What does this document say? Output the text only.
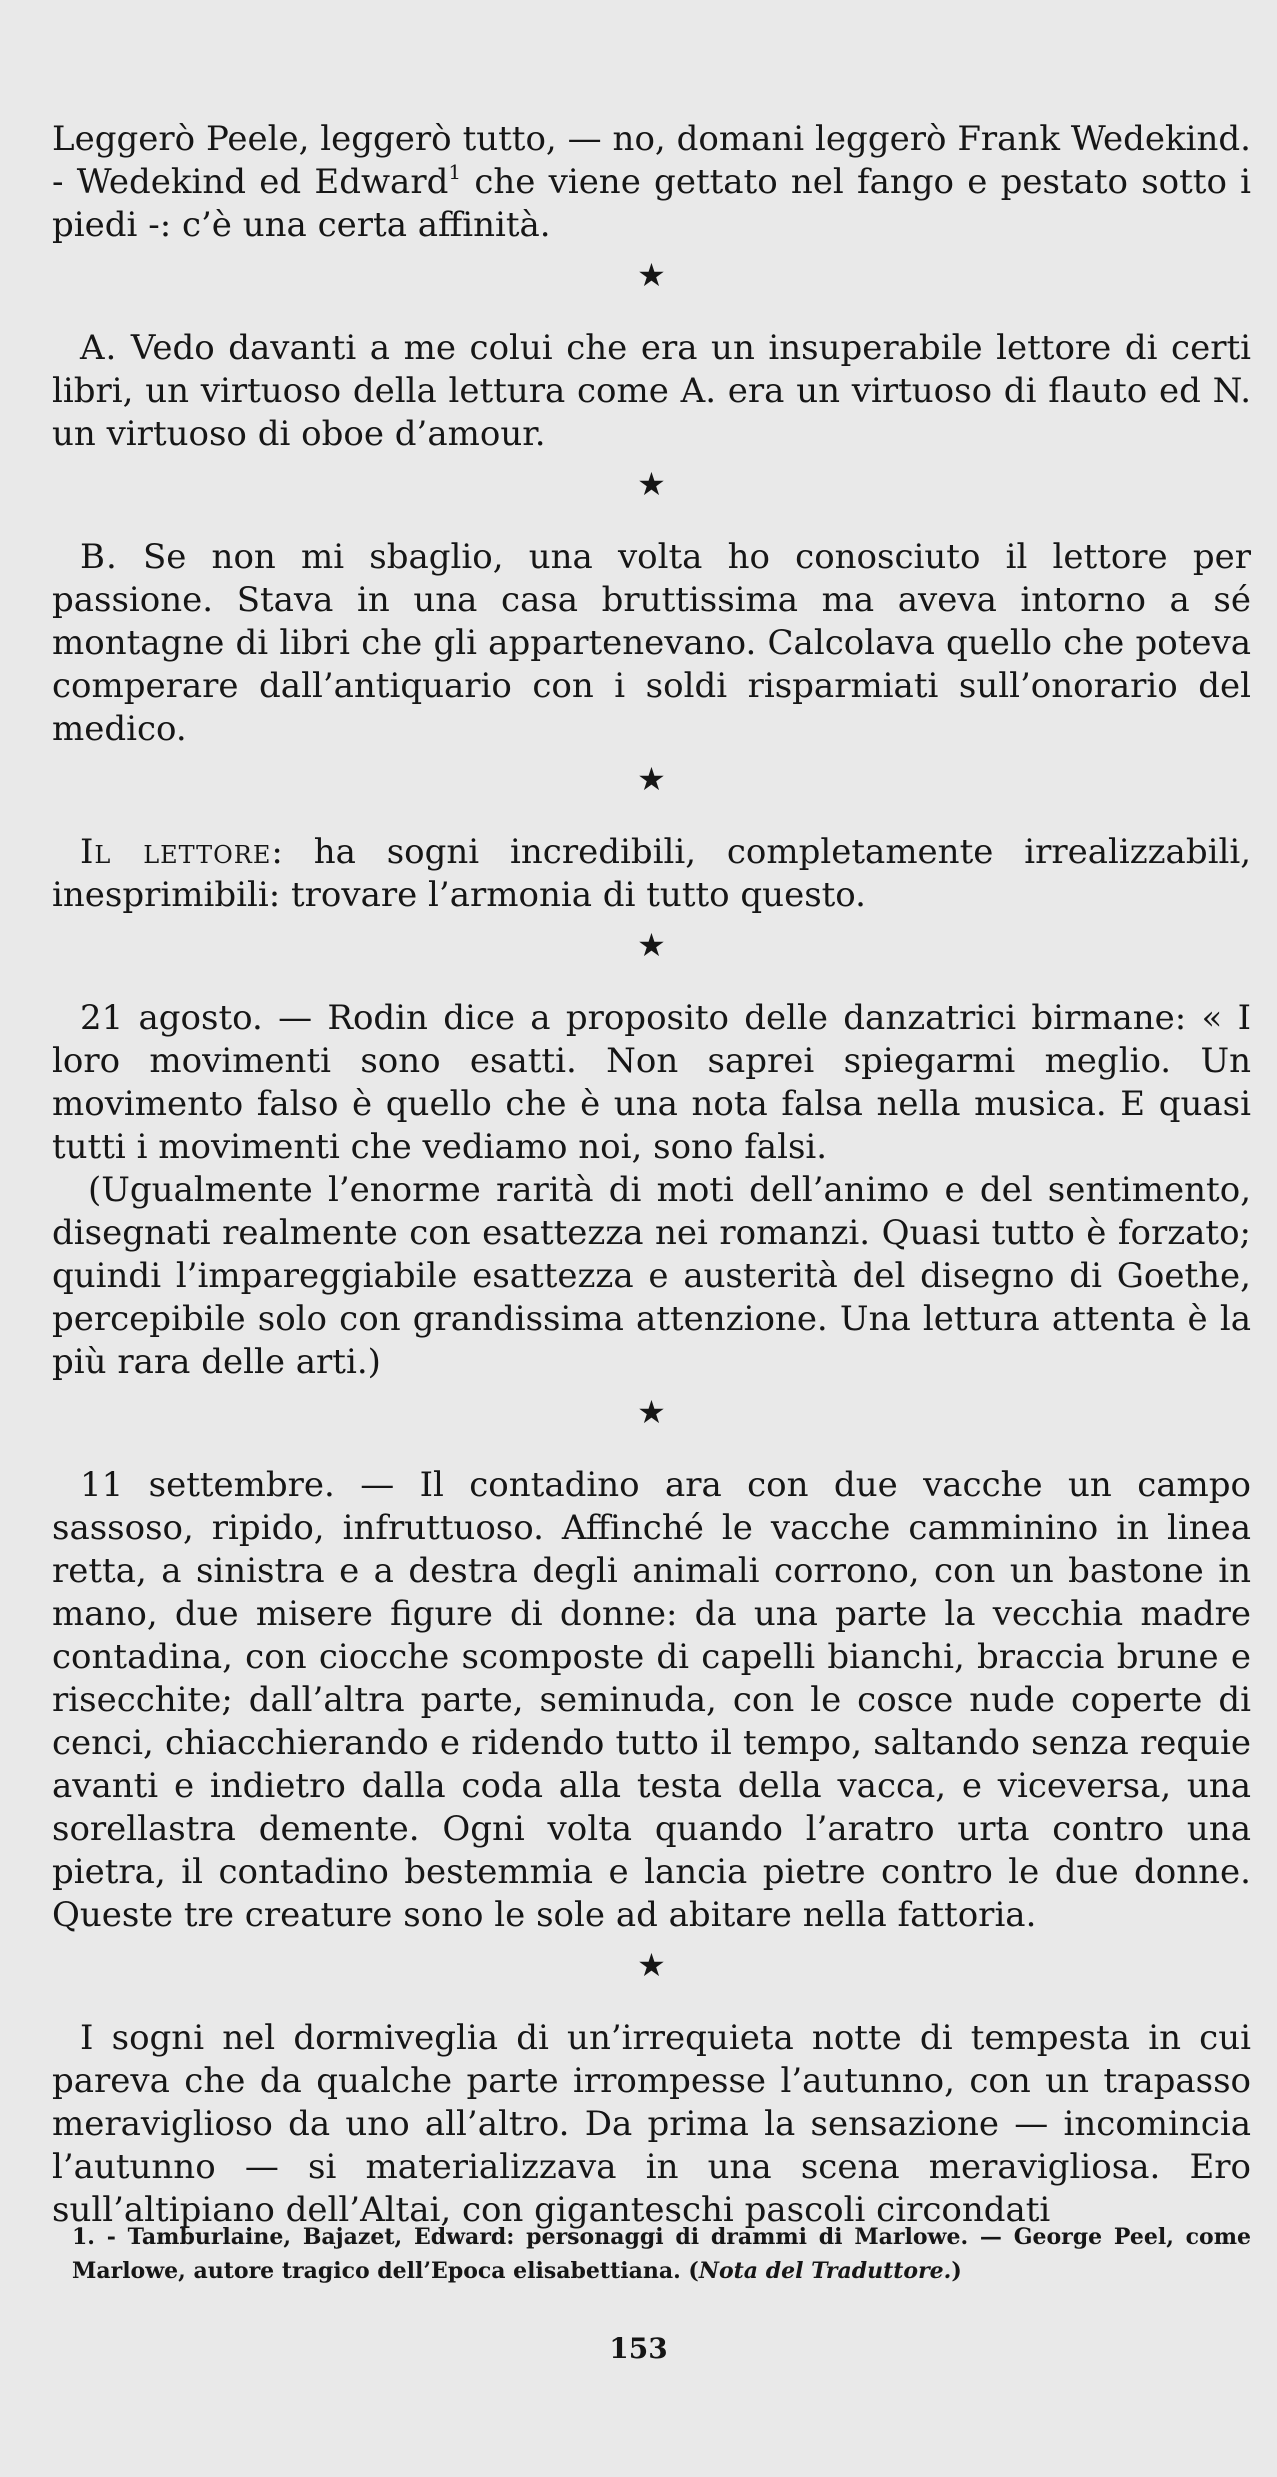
Leggerò Peele, leggerò tutto, — no, domani leggerò Frank Wedekind. - Wedekind ed Edward$^1$ che viene gettato nel fango e pestato sotto i piedi -: c’è una certa affinità.

★

A. Vedo davanti a me colui che era un insuperabile lettore di certi libri, un virtuoso della lettura come A. era un virtuoso di flauto ed N. un virtuoso di oboe d’amour.

★

B. Se non mi sbaglio, una volta ho conosciuto il lettore per passione. Stava in una casa bruttissima ma aveva intorno a sé montagne di libri che gli appartenevano. Calcolava quello che poteva comperare dall’antiquario con i soldi risparmiati sull’onorario del medico.

★

Il lettore: ha sogni incredibili, completamente irrealizzabili, inesprimibili: trovare l’armonia di tutto questo.

★

21 agosto. — Rodin dice a proposito delle danzatrici birmane: « I loro movimenti sono esatti. Non saprei spiegarmi meglio. Un movimento falso è quello che è una nota falsa nella musica. E quasi tutti i movimenti che vediamo noi, sono falsi.

(Ugualmente l’enorme rarità di moti dell’animo e del sentimento, disegnati realmente con esattezza nei romanzi. Quasi tutto è forzato; quindi l’impareggiabile esattezza e austerità del disegno di Goethe, percepibile solo con grandissima attenzione. Una lettura attenta è la più rara delle arti.)

★

11 settembre. — Il contadino ara con due vacche un campo sassoso, ripido, infruttuoso. Affinché le vacche camminino in linea retta, a sinistra e a destra degli animali corrono, con un bastone in mano, due misere figure di donne: da una parte la vecchia madre contadina, con ciocche scomposte di capelli bianchi, braccia brune e risecchite; dall’altra parte, seminuda, con le cosce nude coperte di cenci, chiacchierando e ridendo tutto il tempo, saltando senza requie avanti e indietro dalla coda alla testa della vacca, e viceversa, una sorellastra demente. Ogni volta quando l’aratro urta contro una pietra, il contadino bestemmia e lancia pietre contro le due donne. Queste tre creature sono le sole ad abitare nella fattoria.

★

I sogni nel dormiveglia di un’irrequieta notte di tempesta in cui pareva che da qualche parte irrompesse l’autunno, con un trapasso meraviglioso da uno all’altro. Da prima la sensazione — incomincia l’autunno — si materializzava in una scena meravigliosa. Ero sull’altipiano dell’Altai, con giganteschi pascoli circondati

1. - Tamburlaine, Bajazet, Edward: personaggi di drammi di Marlowe. — George Peel, come Marlowe, autore tragico dell’Epoca elisabettiana. (Nota del Traduttore.)
153
